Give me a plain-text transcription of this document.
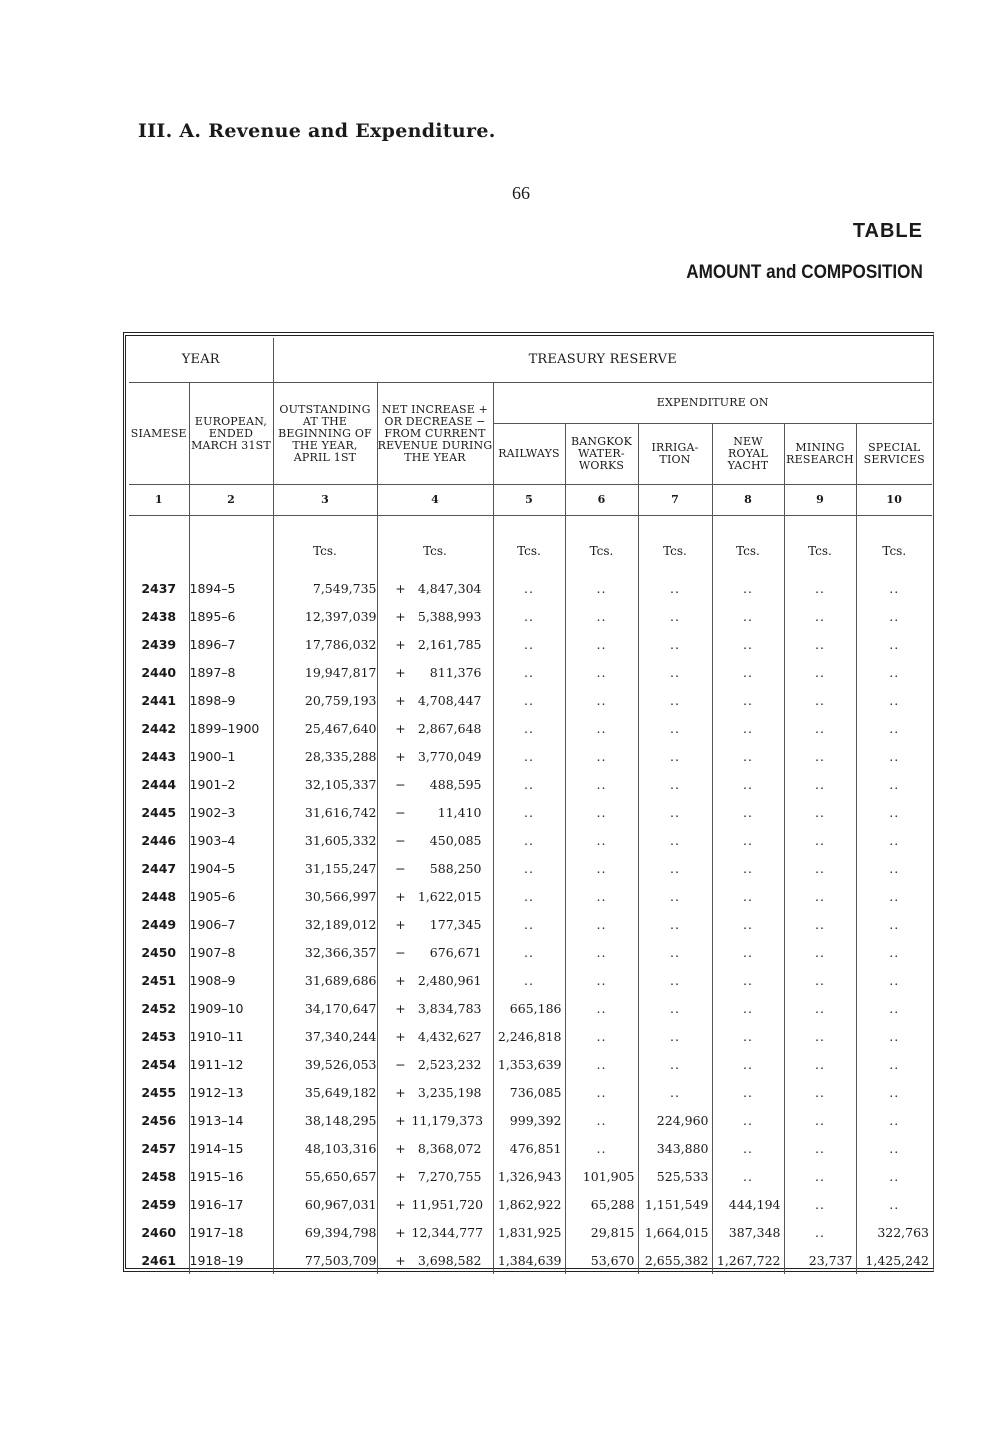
III. A. Revenue and Expenditure.
66
TABLE
AMOUNT and COMPOSITION
YEAR		TREASURY RESERVE							
SIAMESE	EUROPEAN, ENDED MARCH 31ST	OUTSTANDING AT THE BEGINNING OF THE YEAR, APRIL 1ST	NET INCREASE + OR DECREASE − FROM CURRENT REVENUE DURING THE YEAR	EXPENDITURE ON					
				RAILWAYS	BANGKOK WATER-WORKS	IRRIGA-TION	NEW ROYAL YACHT	MINING RESEARCH	SPECIAL SERVICES
1	2	3	4	5	6	7	8	9	10
		Tcs.	Tcs.	Tcs.	Tcs.	Tcs.	Tcs.	Tcs.	Tcs.
2437	1894–5	7,549,735	+ 4,847,304	..	..	..	..	..	..
2438	1895–6	12,397,039	+ 5,388,993	..	..	..	..	..	..
2439	1896–7	17,786,032	+ 2,161,785	..	..	..	..	..	..
2440	1897–8	19,947,817	+ 811,376	..	..	..	..	..	..
2441	1898–9	20,759,193	+ 4,708,447	..	..	..	..	..	..
2442	1899–1900	25,467,640	+ 2,867,648	..	..	..	..	..	..
2443	1900–1	28,335,288	+ 3,770,049	..	..	..	..	..	..
2444	1901–2	32,105,337	− 488,595	..	..	..	..	..	..
2445	1902–3	31,616,742	− 11,410	..	..	..	..	..	..
2446	1903–4	31,605,332	− 450,085	..	..	..	..	..	..
2447	1904–5	31,155,247	− 588,250	..	..	..	..	..	..
2448	1905–6	30,566,997	+ 1,622,015	..	..	..	..	..	..
2449	1906–7	32,189,012	+ 177,345	..	..	..	..	..	..
2450	1907–8	32,366,357	− 676,671	..	..	..	..	..	..
2451	1908–9	31,689,686	+ 2,480,961	..	..	..	..	..	..
2452	1909–10	34,170,647	+ 3,834,783	665,186	..	..	..	..	..
2453	1910–11	37,340,244	+ 4,432,627	2,246,818	..	..	..	..	..
2454	1911–12	39,526,053	− 2,523,232	1,353,639	..	..	..	..	..
2455	1912–13	35,649,182	+ 3,235,198	736,085	..	..	..	..	..
2456	1913–14	38,148,295	+ 11,179,373	999,392	..	224,960	..	..	..
2457	1914–15	48,103,316	+ 8,368,072	476,851	..	343,880	..	..	..
2458	1915–16	55,650,657	+ 7,270,755	1,326,943	101,905	525,533	..	..	..
2459	1916–17	60,967,031	+ 11,951,720	1,862,922	65,288	1,151,549	444,194	..	..
2460	1917–18	69,394,798	+ 12,344,777	1,831,925	29,815	1,664,015	387,348	..	322,763
2461	1918–19	77,503,709	+ 3,698,582	1,384,639	53,670	2,655,382	1,267,722	23,737	1,425,242
